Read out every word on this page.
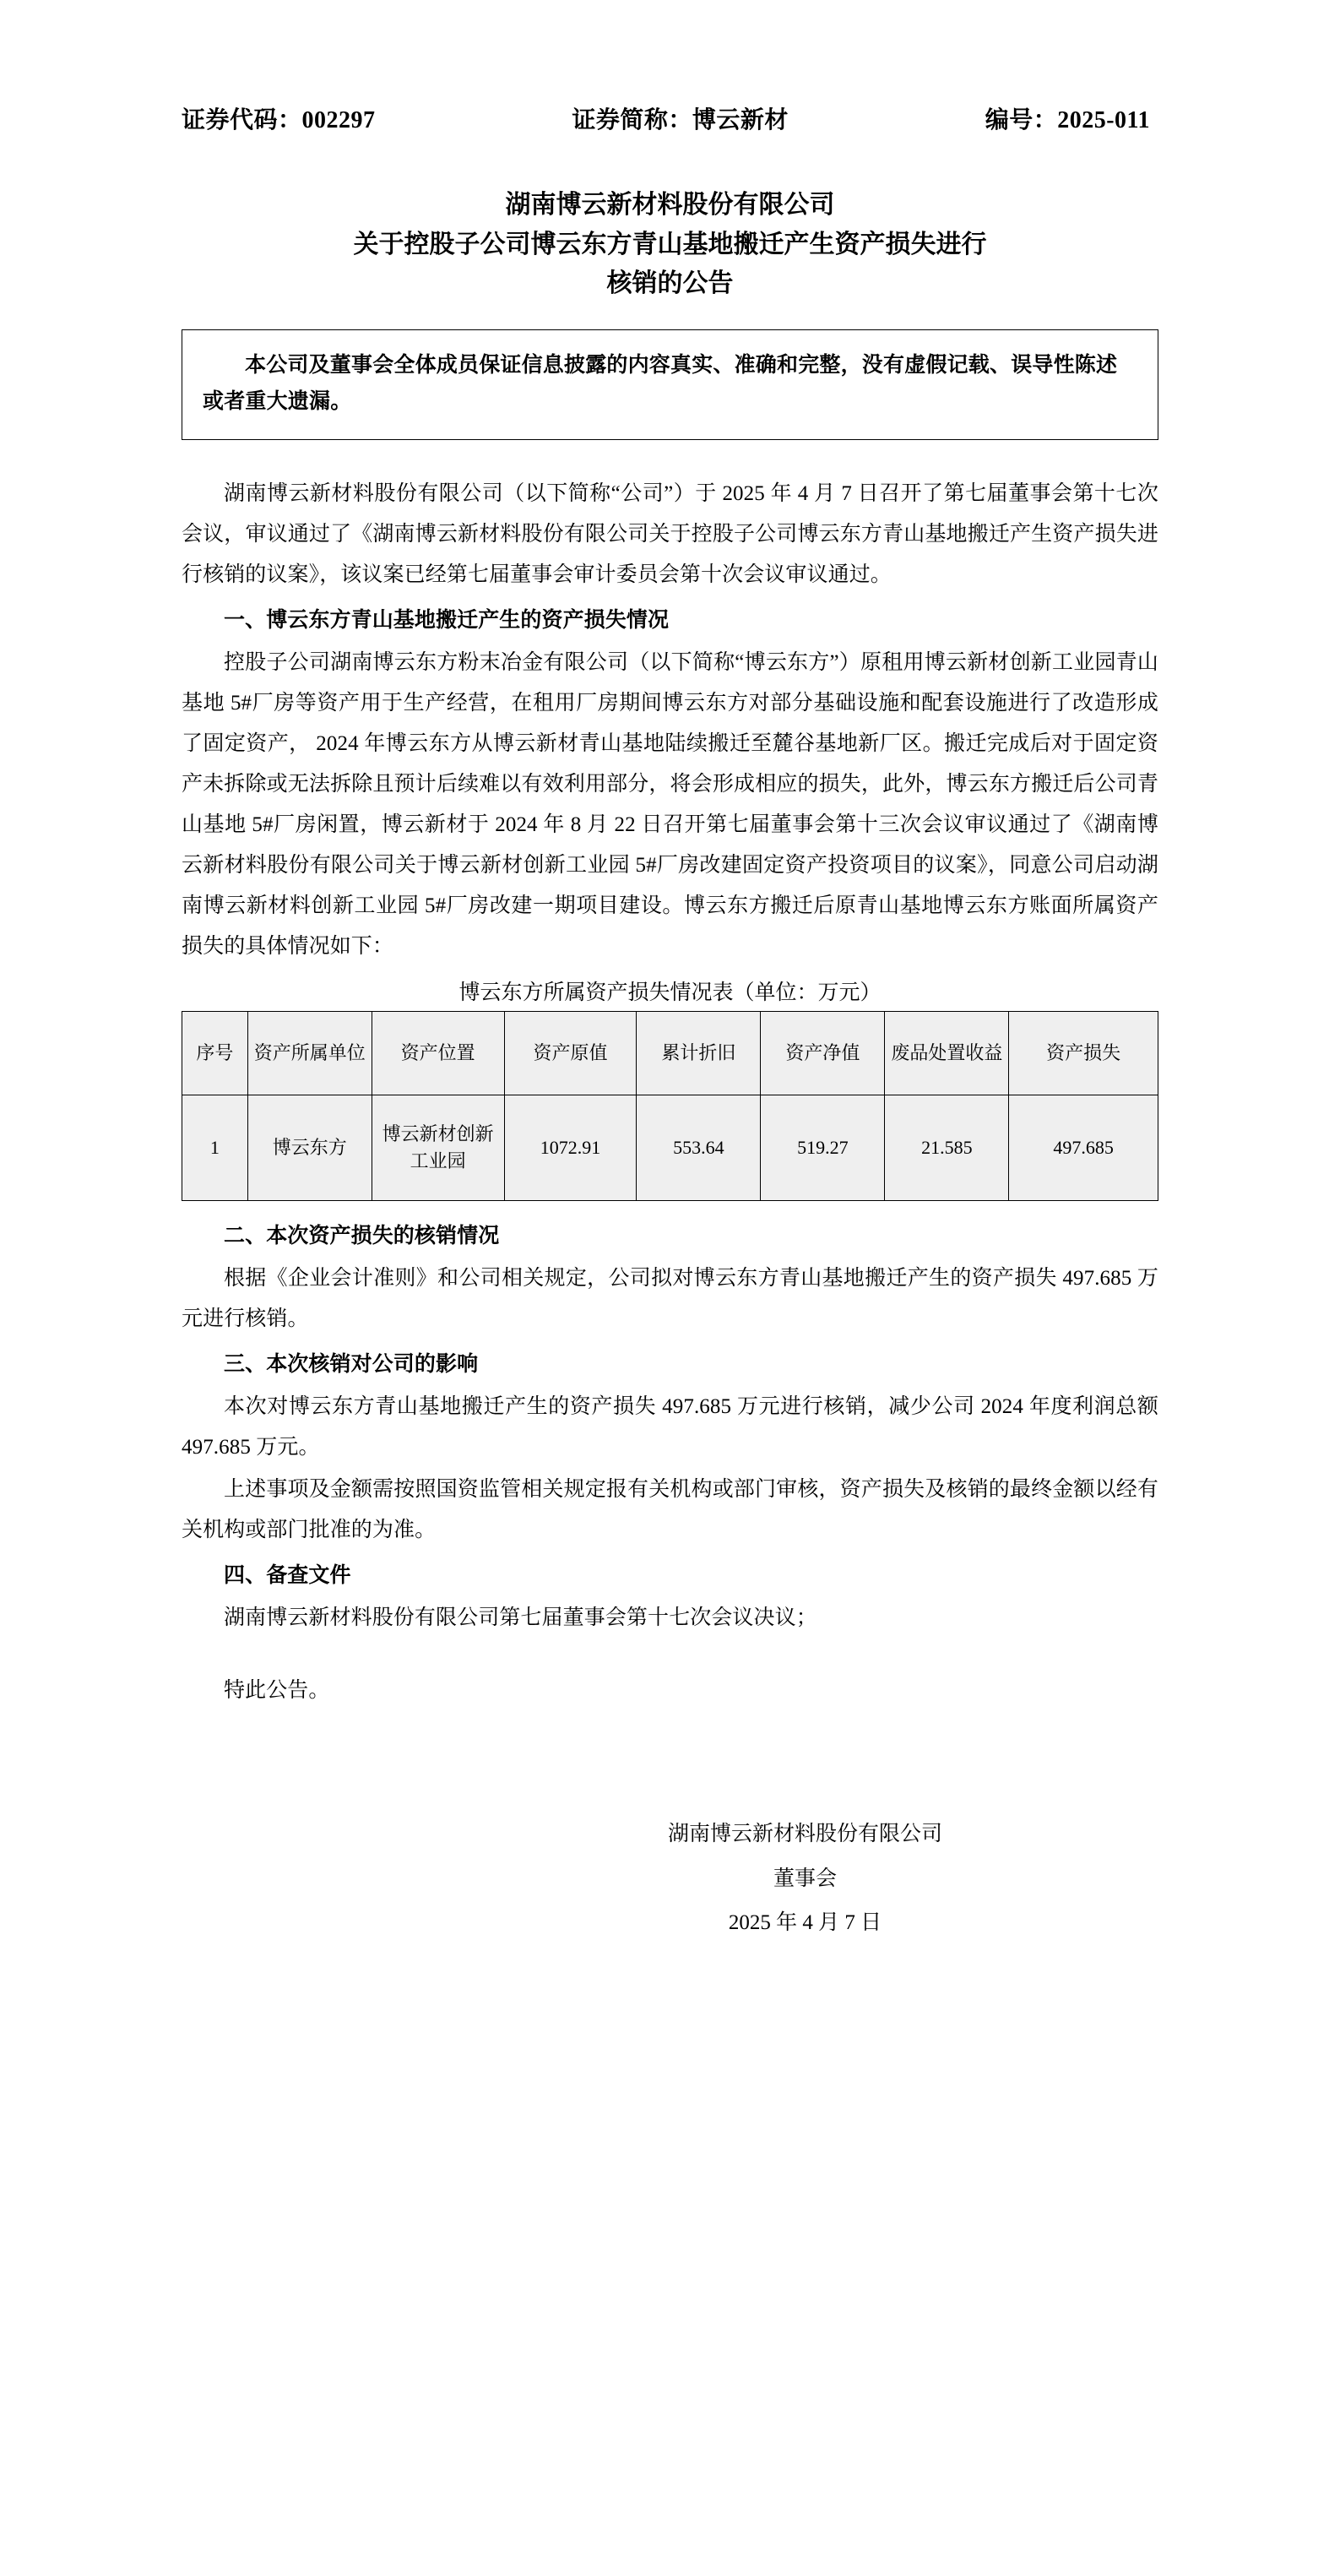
证券代码：002297	证券简称：博云新材	编号：2025-011
湖南博云新材料股份有限公司
关于控股子公司博云东方青山基地搬迁产生资产损失进行
核销的公告

本公司及董事会全体成员保证信息披露的内容真实、准确和完整，没有虚假记载、误导性陈述或者重大遗漏。

湖南博云新材料股份有限公司（以下简称“公司”）于 2025 年 4 月 7 日召开了第七届董事会第十七次会议，审议通过了《湖南博云新材料股份有限公司关于控股子公司博云东方青山基地搬迁产生资产损失进行核销的议案》，该议案已经第七届董事会审计委员会第十次会议审议通过。

一、博云东方青山基地搬迁产生的资产损失情况

控股子公司湖南博云东方粉末冶金有限公司（以下简称“博云东方”）原租用博云新材创新工业园青山基地 5#厂房等资产用于生产经营，在租用厂房期间博云东方对部分基础设施和配套设施进行了改造形成了固定资产， 2024 年博云东方从博云新材青山基地陆续搬迁至麓谷基地新厂区。搬迁完成后对于固定资产未拆除或无法拆除且预计后续难以有效利用部分，将会形成相应的损失，此外，博云东方搬迁后公司青山基地 5#厂房闲置，博云新材于 2024 年 8 月 22 日召开第七届董事会第十三次会议审议通过了《湖南博云新材料股份有限公司关于博云新材创新工业园 5#厂房改建固定资产投资项目的议案》，同意公司启动湖南博云新材料创新工业园 5#厂房改建一期项目建设。博云东方搬迁后原青山基地博云东方账面所属资产损失的具体情况如下：

博云东方所属资产损失情况表（单位：万元）
序号	资产所属单位	资产位置	资产原值	累计折旧	资产净值	废品处置收益	资产损失
1	博云东方	博云新材创新工业园	1072.91	553.64	519.27	21.585	497.685

二、本次资产损失的核销情况

根据《企业会计准则》和公司相关规定，公司拟对博云东方青山基地搬迁产生的资产损失 497.685 万元进行核销。

三、本次核销对公司的影响

本次对博云东方青山基地搬迁产生的资产损失 497.685 万元进行核销，减少公司 2024 年度利润总额 497.685 万元。

上述事项及金额需按照国资监管相关规定报有关机构或部门审核，资产损失及核销的最终金额以经有关机构或部门批准的为准。

四、备查文件

湖南博云新材料股份有限公司第七届董事会第十七次会议决议；

特此公告。

湖南博云新材料股份有限公司
董事会
2025 年 4 月 7 日
